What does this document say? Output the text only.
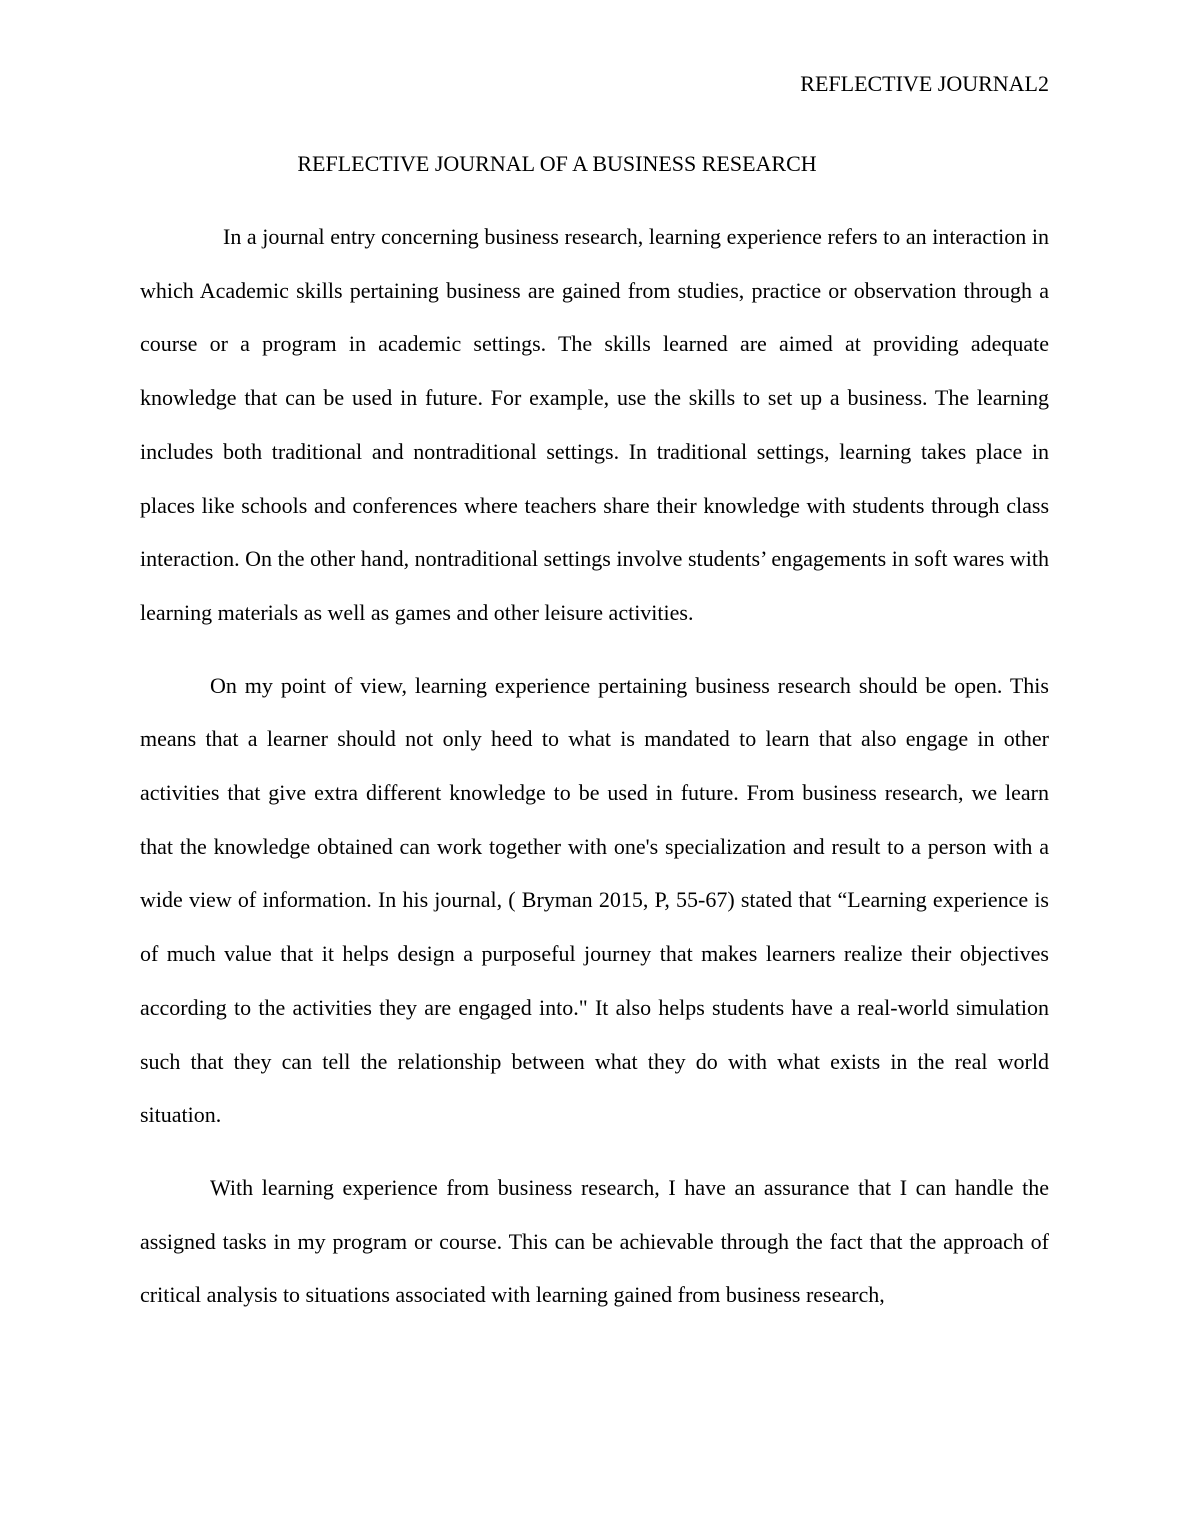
REFLECTIVE JOURNAL2
REFLECTIVE JOURNAL OF A BUSINESS RESEARCH

In a journal entry concerning business research, learning experience refers to an interaction in which Academic skills pertaining business are gained from studies, practice or observation through a course or a program in academic settings. The skills learned are aimed at providing adequate knowledge that can be used in future. For example, use the skills to set up a business. The learning includes both traditional and nontraditional settings. In traditional settings, learning takes place in places like schools and conferences where teachers share their knowledge with students through class interaction. On the other hand, nontraditional settings involve students’ engagements in soft wares with learning materials as well as games and other leisure activities.

On my point of view, learning experience pertaining business research should be open. This means that a learner should not only heed to what is mandated to learn that also engage in other activities that give extra different knowledge to be used in future. From business research, we learn that the knowledge obtained can work together with one's specialization and result to a person with a wide view of information. In his journal, ( Bryman 2015, P, 55-67) stated that “Learning experience is of much value that it helps design a purposeful journey that makes learners realize their objectives according to the activities they are engaged into." It also helps students have a real-world simulation such that they can tell the relationship between what they do with what exists in the real world situation.

With learning experience from business research, I have an assurance that I can handle the assigned tasks in my program or course. This can be achievable through the fact that the approach of critical analysis to situations associated with learning gained from business research,
